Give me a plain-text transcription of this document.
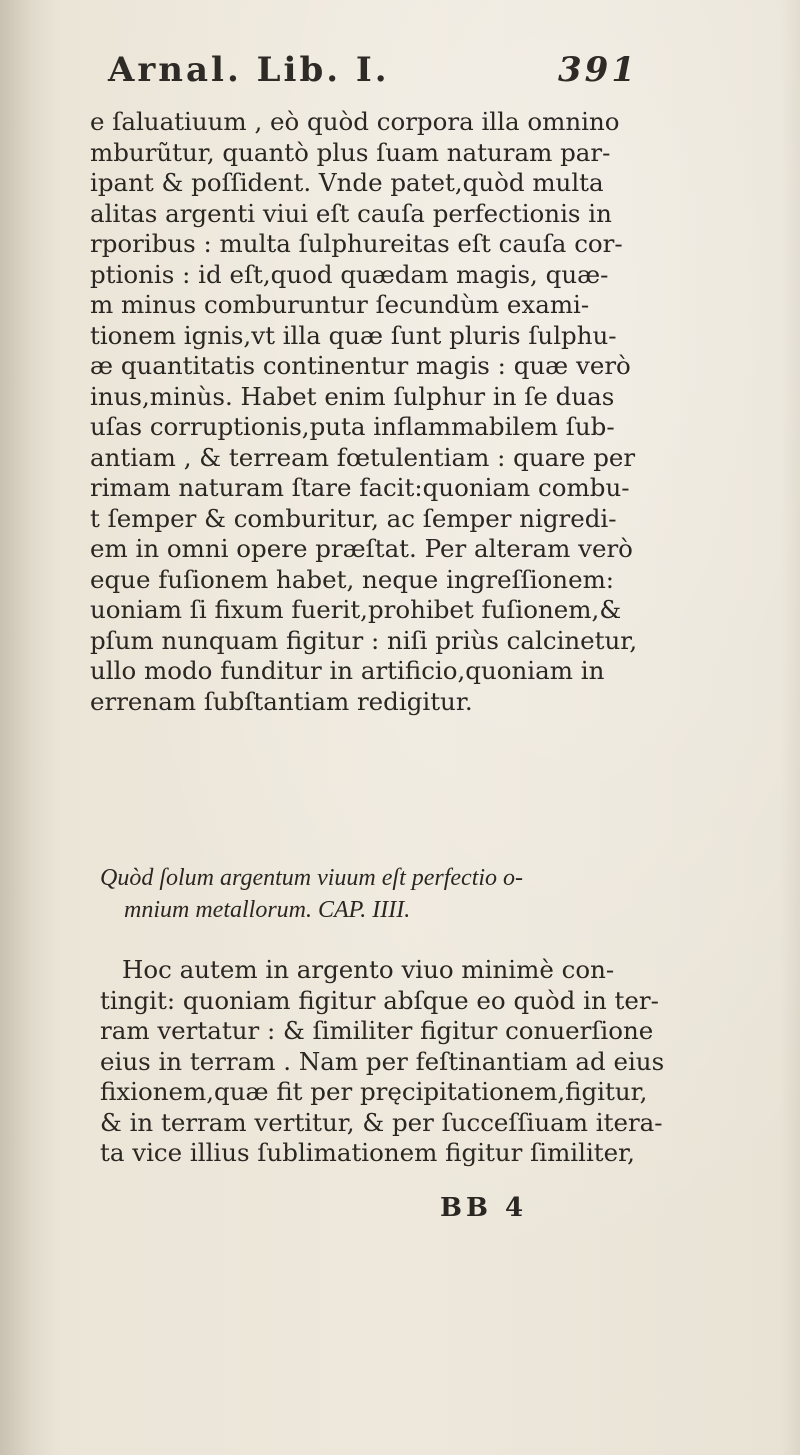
Arnal. Lib. I.	391
e ſaluatiuum , eò quòd corpora illa omnino
mburũtur, quantò plus ſuam naturam par-
ipant & poſſident. Vnde patet,quòd multa
alitas argenti viui eſt cauſa perfectionis in
rporibus : multa ſulphureitas eſt cauſa cor-
ptionis : id eſt,quod quædam magis, quæ-
m minus comburuntur ſecundùm exami-
tionem ignis,vt illa quæ ſunt pluris ſulphu-
æ quantitatis continentur magis : quæ verò
inus,minùs. Habet enim ſulphur in ſe duas
uſas corruptionis,puta inflammabilem ſub-
antiam , & terream fœtulentiam : quare per
rimam naturam ſtare facit:quoniam combu-
t ſemper & comburitur, ac ſemper nigredi-
em in omni opere præſtat. Per alteram verò
eque fuſionem habet, neque ingreſſionem:
uoniam ſi fixum fuerit,prohibet fuſionem,&
pſum nunquam figitur : niſi priùs calcinetur,
ullo modo funditur in artificio,quoniam in
errenam ſubſtantiam redigitur.
Quòd ſolum argentum viuum eſt perfectio o-
mnium metallorum. CAP. IIII.
Hoc autem in argento viuo minimè con-
tingit: quoniam figitur abſque eo quòd in ter-
ram vertatur : & ſimiliter figitur conuerſione
eius in terram . Nam per feſtinantiam ad eius
fixionem,quæ fit per pręcipitationem,figitur,
& in terram vertitur, & per ſucceſſiuam itera-
ta vice illius ſublimationem figitur ſimiliter,
BB 4
